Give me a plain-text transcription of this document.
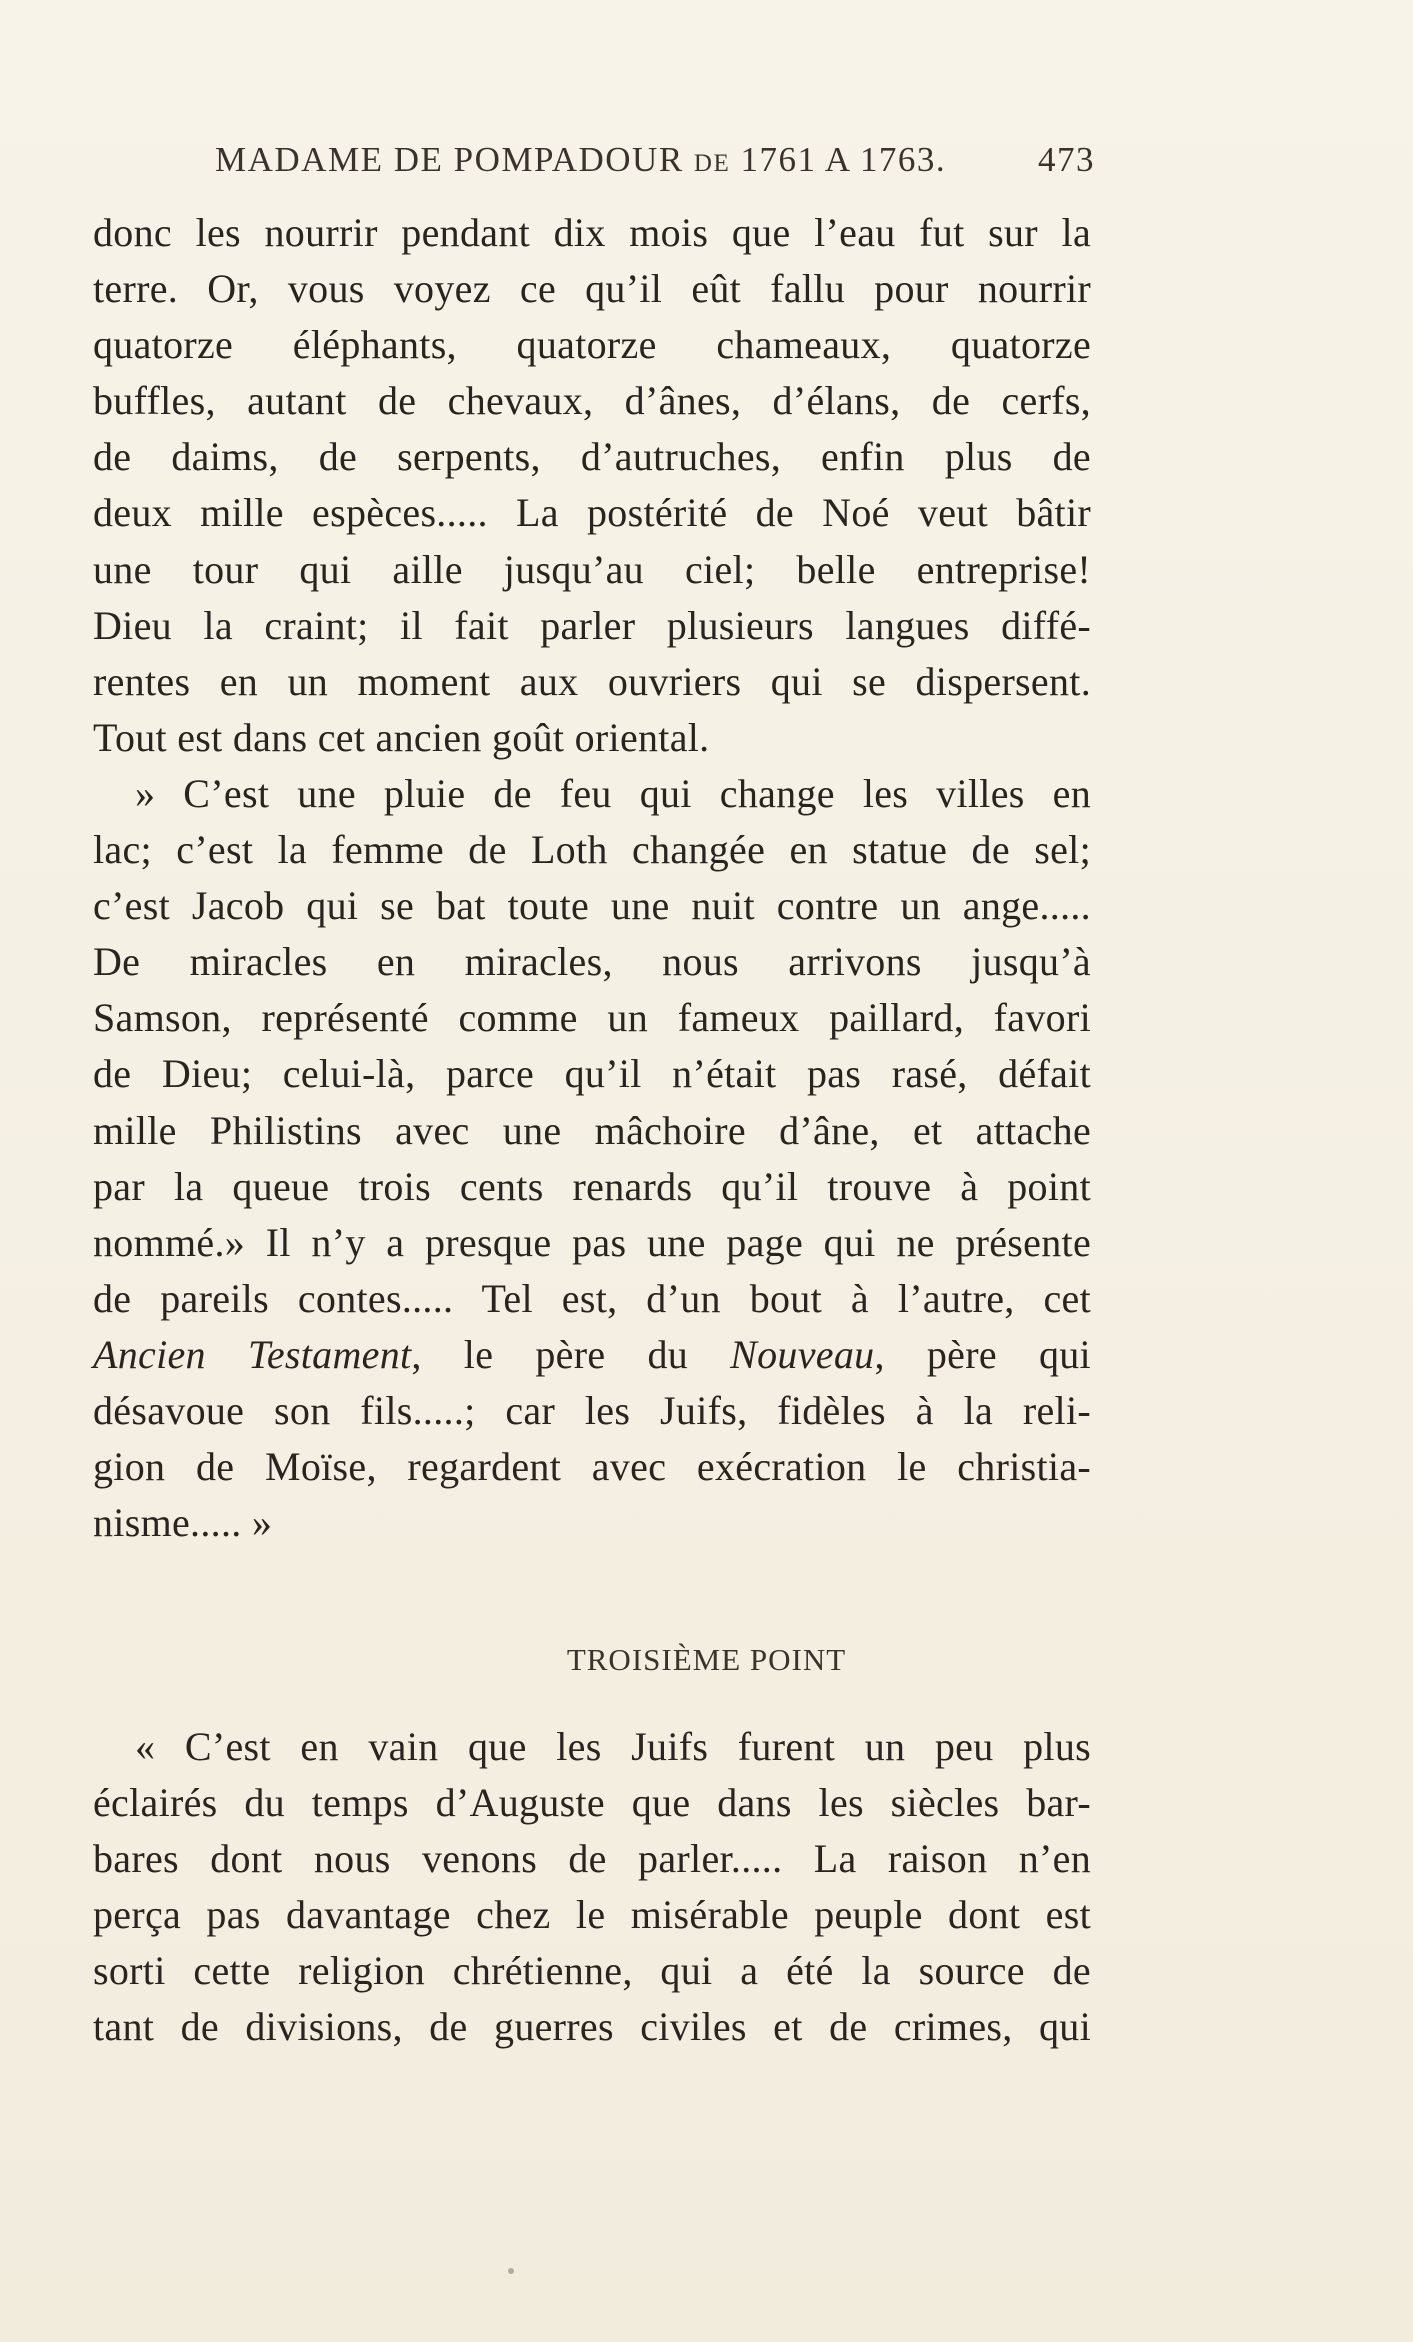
MADAME DE POMPADOUR DE 1761 A 1763.	473
donc les nourrir pendant dix mois que l’eau fut sur la
terre. Or, vous voyez ce qu’il eût fallu pour nourrir
quatorze éléphants, quatorze chameaux, quatorze
buffles, autant de chevaux, d’ânes, d’élans, de cerfs,
de daims, de serpents, d’autruches, enfin plus de
deux mille espèces..... La postérité de Noé veut bâtir
une tour qui aille jusqu’au ciel; belle entreprise!
Dieu la craint; il fait parler plusieurs langues diffé-
rentes en un moment aux ouvriers qui se dispersent.
Tout est dans cet ancien goût oriental.
» C’est une pluie de feu qui change les villes en
lac; c’est la femme de Loth changée en statue de sel;
c’est Jacob qui se bat toute une nuit contre un ange.....
De miracles en miracles, nous arrivons jusqu’à
Samson, représenté comme un fameux paillard, favori
de Dieu; celui-là, parce qu’il n’était pas rasé, défait
mille Philistins avec une mâchoire d’âne, et attache
par la queue trois cents renards qu’il trouve à point
nommé.» Il n’y a presque pas une page qui ne présente
de pareils contes..... Tel est, d’un bout à l’autre, cet
Ancien Testament, le père du Nouveau, père qui
désavoue son fils.....; car les Juifs, fidèles à la reli-
gion de Moïse, regardent avec exécration le christia-
nisme..... »
TROISIÈME POINT
« C’est en vain que les Juifs furent un peu plus
éclairés du temps d’Auguste que dans les siècles bar-
bares dont nous venons de parler..... La raison n’en
perça pas davantage chez le misérable peuple dont est
sorti cette religion chrétienne, qui a été la source de
tant de divisions, de guerres civiles et de crimes, qui
